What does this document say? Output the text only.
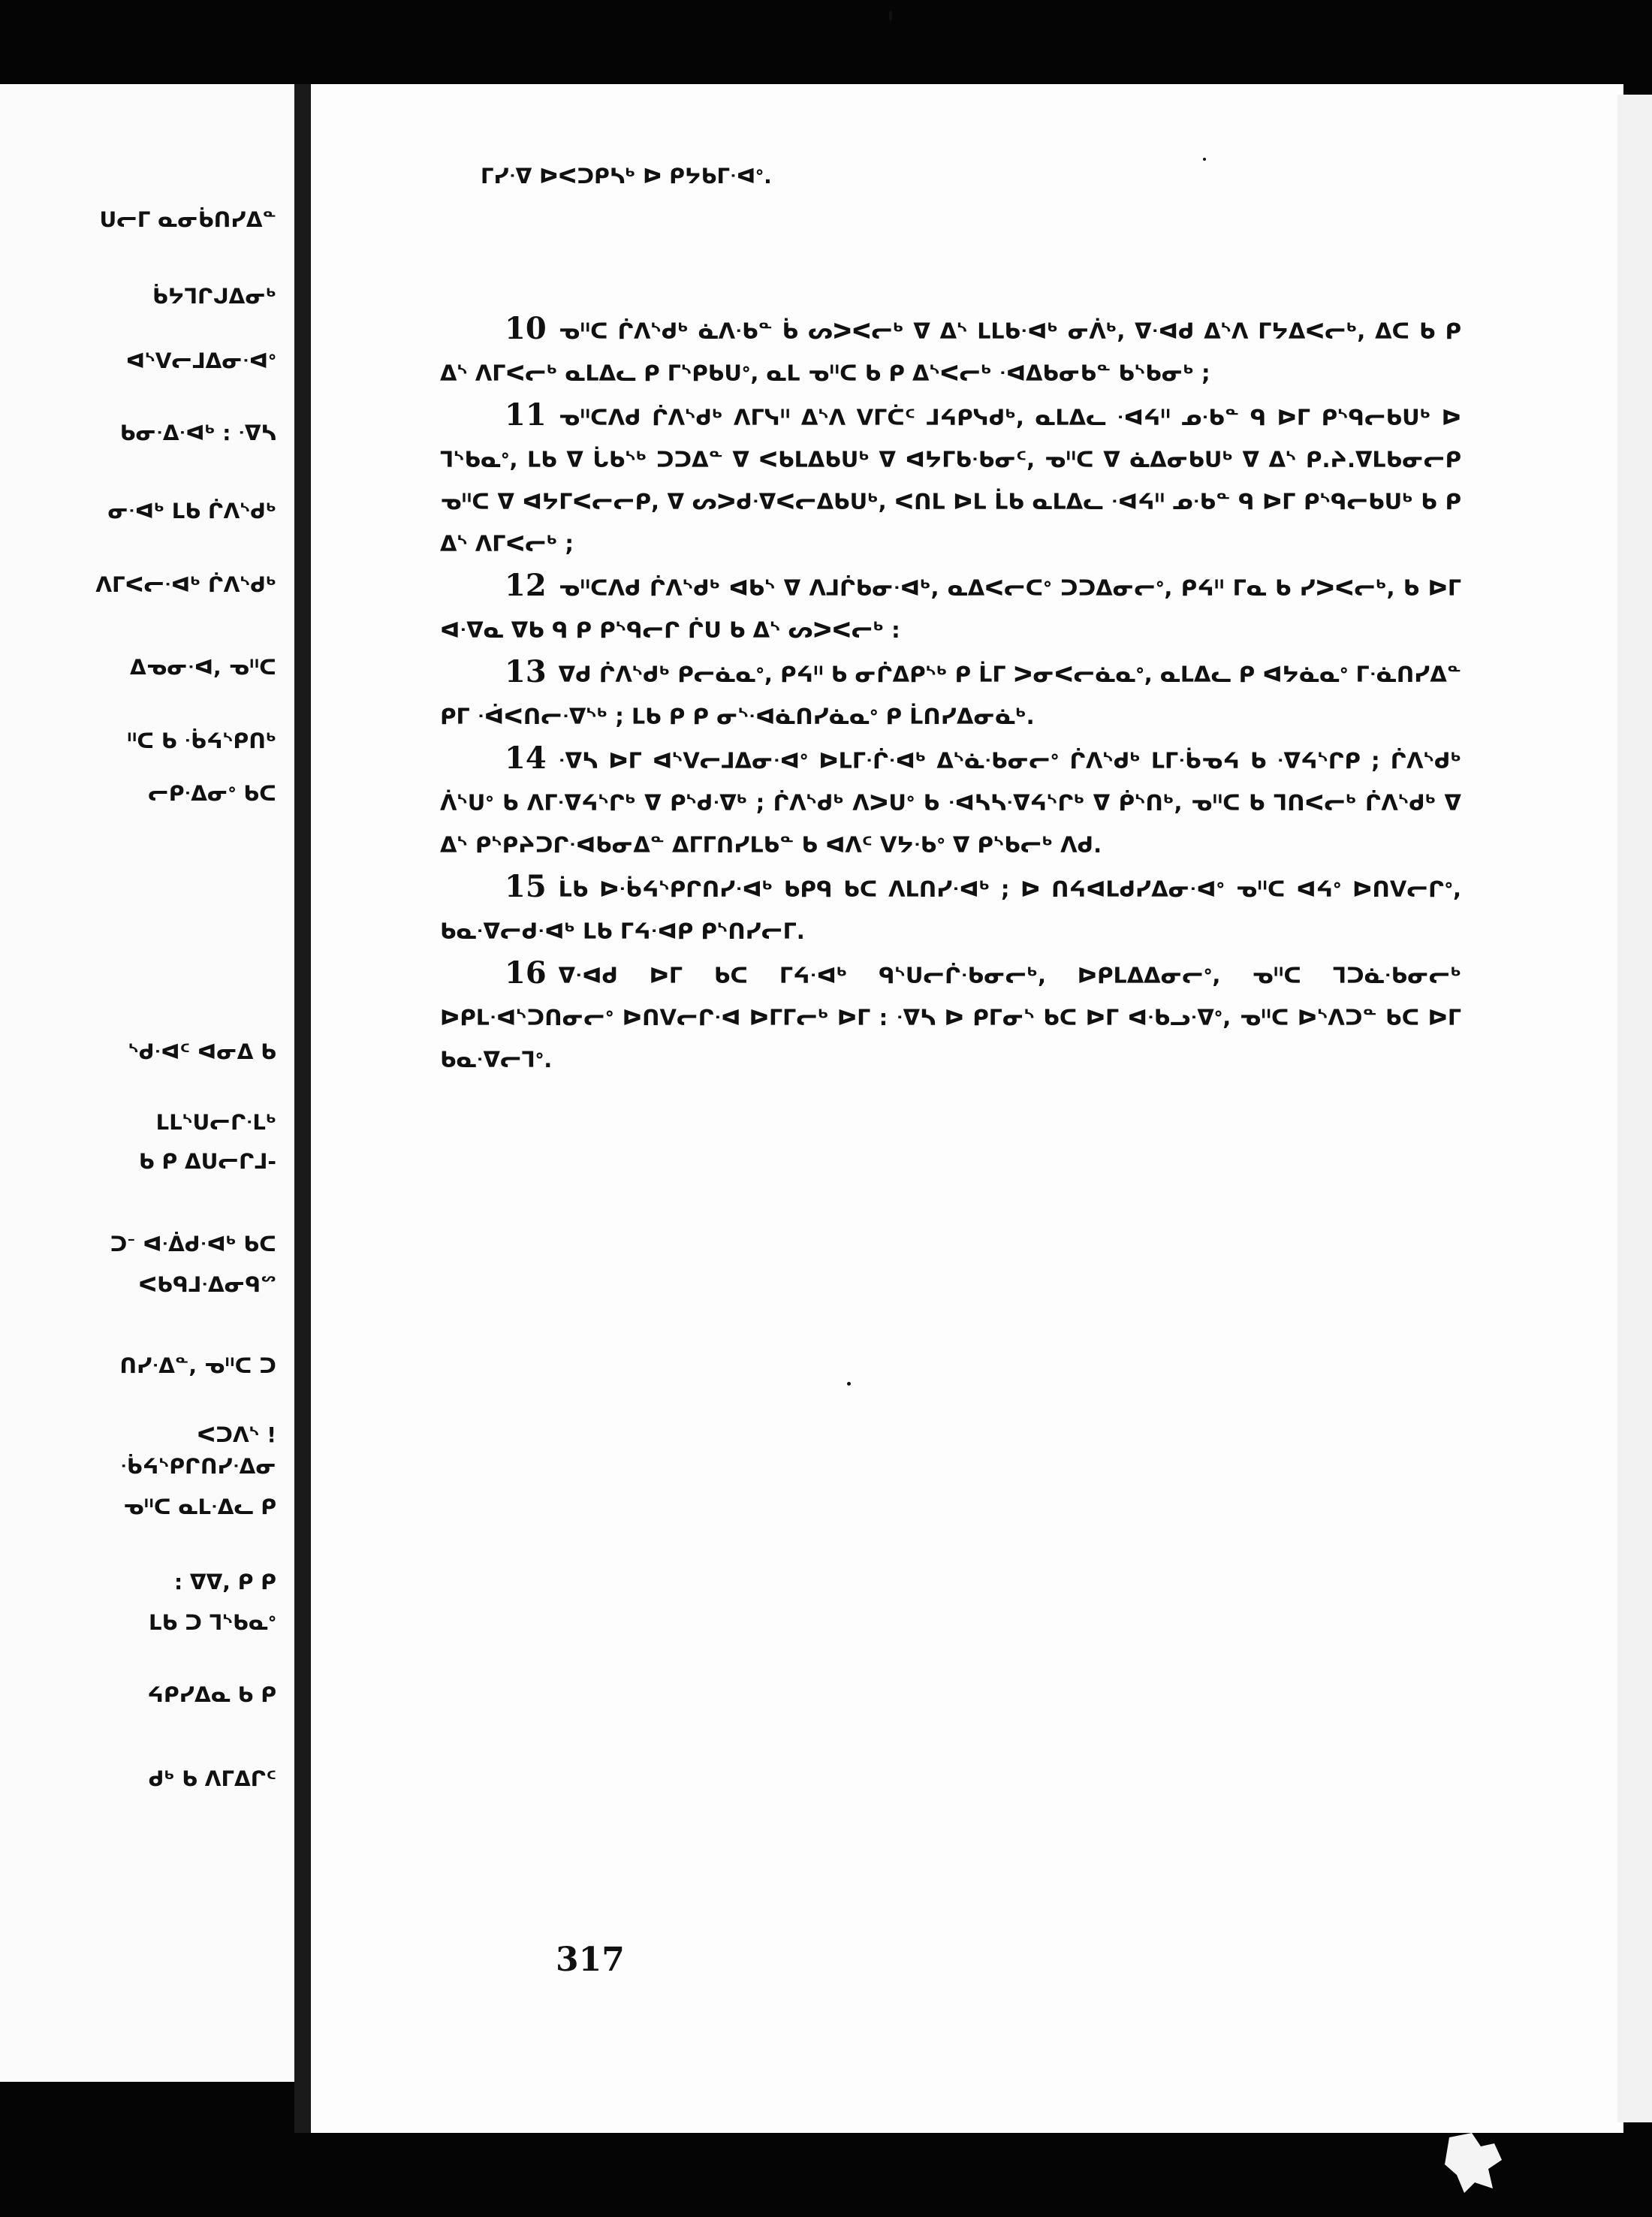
ᑌᓕᒥ ᓇᓂᑳᑎᓯᐃᓐ
ᑳᔭᒣᒋᒍᐃᓂᒃ
ᐊᔅᐯᓕᒧᐃᓂᐧᐊᐤ
ᑲᓂᐧᐃᐧᐊᒃ : ᐧᐁᓴ
ᓂᐧᐊᒃ ᒪᑲ ᒌᐱᔅᑯᒃ
ᐱᒥᐸᓕᐧᐊᒃ ᒌᐱᔅᑯᒃ
ᐃᓀᓂᐧᐊ, ᓀᐦᑕ
ᐦᑕ ᑲ ᐧᑳᔦᔅᑭᑎᒃ
ᓕᑭᐧᐃᓂᐤ ᑲᑕ
ᔅᑯᐧᐊᑦ ᐊᓂᐃ ᑲ
ᒪᒪᔅᑌᓕᒋᐧᒪᒃ
ᑲ ᑭ ᐃᑌᓕᒋᒧ-
ᑐᐨ ᐊᐧᐄᑯᐧᐊᒃ ᑲᑕ
ᐸᑲᑫᒧᐧᐃᓂᑫᔥ
ᑎᓯᐧᐃᓐ, ᓀᐦᑕ ᑐ
ᐸᑐᐱᔅ !
ᐧᑳᔦᔅᑭᒋᑎᓯᐧᐃᓂ
ᓀᐦᑕ ᓇᒪᐧᐃᓚ ᑭ
: ᐁᐁ, ᑭ ᑭ
ᒪᑲ ᑐ ᒣᔅᑲᓇᐤ
ᔦᑭᓯᐃᓇ ᑲ ᑭ
ᑯᒃ ᑲ ᐱᒥᐃᒋᑦ
ᒥᓯᐧᐁ ᐅᐸᑐᑭᓴᒃ ᐅ ᑭᔭᑲᒥᐧᐊᐤ.

10 ᓀᐦᑕ ᒌᐱᔅᑯᒃ ᓈᐱᐧᑲᓐ ᑳ ᔕᐳᐸᓕᒃ ᐁ ᐃᔅ ᒪᒪᑲᐧᐊᒃ ᓂᐲᒃ, ᐁᐧᐊᑯ ᐃᔅᐱ ᒥᔭᐃᐸᓕᒃ, ᐃᑕ ᑲ ᑭ ᐃᔅ ᐱᒥᐸᓕᒃ ᓇᒪᐃᓚ ᑭ ᒥᔅᑭᑲᑌᐤ, ᓇᒪ ᓀᐦᑕ ᑲ ᑭ ᐃᔅᐸᓕᒃ ᐧᐊᐃᑲᓂᑲᓐ ᑲᔅᑲᓂᒃ ;

11 ᓀᐦᑕᐱᑯ ᒌᐱᔅᑯᒃ ᐱᒥᓭᐦ ᐃᔅᐱ ᐯᒥᑖᑦ ᒧᔦᑭᓭᑯᒃ, ᓇᒪᐃᓚ ᐧᐊᔦᐦ ᓄᐧᑲᓐ ᑫ ᐅᒥ ᑭᔅᑫᓕᑲᑌᒃ ᐅ ᒣᔅᑲᓇᐤ, ᒪᑲ ᐁ ᒑᑲᔅᒃ ᑐᑐᐃᓐ ᐁ ᐸᑲᒪᐃᑲᑌᒃ ᐁ ᐊᔭᒥᑲᐧᑲᓂᑦ, ᓀᐦᑕ ᐁ ᓈᐃᓂᑲᑌᒃ ᐁ ᐃᔅ ᑭ.ᔨ.ᐁᒪᑲᓂᓕᑭ ᓀᐦᑕ ᐁ ᐊᔭᒥᐸᓕᓕᑭ, ᐁ ᔕᐳᑯᐧᐁᐸᓕᐃᑲᑌᒃ, ᐸᑎᒪ ᐅᒪ ᒫᑲ ᓇᒪᐃᓚ ᐧᐊᔦᐦ ᓄᐧᑲᓐ ᑫ ᐅᒥ ᑭᔅᑫᓕᑲᑌᒃ ᑲ ᑭ ᐃᔅ ᐱᒥᐸᓕᒃ ;

12 ᓀᐦᑕᐱᑯ ᒌᐱᔅᑯᒃ ᐊᑲᔅ ᐁ ᐱᒧᒌᑲᓂᐧᐊᒃ, ᓇᐃᐸᓕᑕᐤ ᑐᑐᐃᓂᓕᐤ, ᑭᔦᐦ ᒥᓇ ᑲ ᓯᐳᐸᓕᒃ, ᑲ ᐅᒥ ᐊᐧᐁᓇ ᐁᑲ ᑫ ᑭ ᑭᔅᑫᓕᒋ ᒌᑌ ᑲ ᐃᔅ ᔕᐳᐸᓕᒃ :

13 ᐁᑯ ᒌᐱᔅᑯᒃ ᑭᓕᓈᓇᐤ, ᑭᔦᐦ ᑲ ᓂᒌᐃᑭᔅᒃ ᑭ ᒫᒥ ᐳᓂᐸᓕᓈᓇᐤ, ᓇᒪᐃᓚ ᑭ ᐊᔭᓈᓇᐤ ᒥᐧᓈᑎᓯᐃᓐ ᑭᒥ ᐧᐋᐸᑎᓕᐧᐁᔅᒃ ; ᒪᑲ ᑭ ᑭ ᓂᔅᐧᐊᓈᑎᓯᓈᓇᐤ ᑭ ᒫᑎᓯᐃᓂᓈᒃ.

14 ᐧᐁᓴ ᐅᒥ ᐊᔅᐯᓕᒧᐃᓂᐧᐊᐤ ᐅᒪᒥᐧᒌᐧᐊᒃ ᐃᔅᓈᐧᑲᓂᓕᐤ ᒌᐱᔅᑯᒃ ᒪᒥᐧᑳᓀᔦ ᑲ ᐧᐁᔦᔅᒋᑭ ; ᒌᐱᔅᑯᒃ ᐲᔅᑌᐤ ᑲ ᐱᒥᐧᐁᔦᔅᒋᒃ ᐁ ᑭᔅᑯᐧᐁᒃ ; ᒌᐱᔅᑯᒃ ᐱᐳᑌᐤ ᑲ ᐧᐊᓴᓴᐧᐁᔦᔅᒋᒃ ᐁ ᑮᔅᑎᒃ, ᓀᐦᑕ ᑲ ᒣᑎᐸᓕᒃ ᒌᐱᔅᑯᒃ ᐁ ᐃᔅ ᑭᔅᑭᔨᑐᒋᐧᐊᑲᓂᐃᓐ ᐃᒥᒥᑎᓯᒪᑲᓐ ᑲ ᐊᐱᑦ ᐯᔭᐧᑲᐤ ᐁ ᑭᔅᑲᓕᒃ ᐱᑯ.

15 ᒫᑲ ᐅᐧᑳᔦᔅᑭᒋᑎᓯᐧᐊᒃ ᑲᑭᑫ ᑲᑕ ᐱᒪᑎᓯᐧᐊᒃ ; ᐅ ᑎᔦᐊᒪᑯᓯᐃᓂᐧᐊᐤ ᓀᐦᑕ ᐊᔦᐤ ᐅᑎᐯᓕᒋᐤ, ᑲᓇᐧᐁᓕᑯᐧᐊᒃ ᒪᑲ ᒥᔦᐧᐊᑭ ᑭᔅᑎᓯᓕᒥ.

16 ᐁᐧᐊᑯ ᐅᒥ ᑲᑕ ᒥᔦᐧᐊᒃ ᑫᔅᑌᓕᒌᐧᑲᓂᓕᒃ, ᐅᑭᒪᐃᐃᓂᓕᐤ, ᓀᐦᑕ ᒣᑐᓈᐧᑲᓂᓕᒃ ᐅᑭᒪᐧᐊᔅᑐᑎᓂᓕᐤ ᐅᑎᐯᓕᒋᐧᐊ ᐅᒥᒥᓕᒃ ᐅᒥ : ᐧᐁᓴ ᐅ ᑭᒥᓂᔅ ᑲᑕ ᐅᒥ ᐊᐧᑲᓗᐧᐁᐤ, ᓀᐦᑕ ᐅᔅᐱᑐᓐ ᑲᑕ ᐅᒥ ᑲᓇᐧᐁᓕᒣᐤ.

317
